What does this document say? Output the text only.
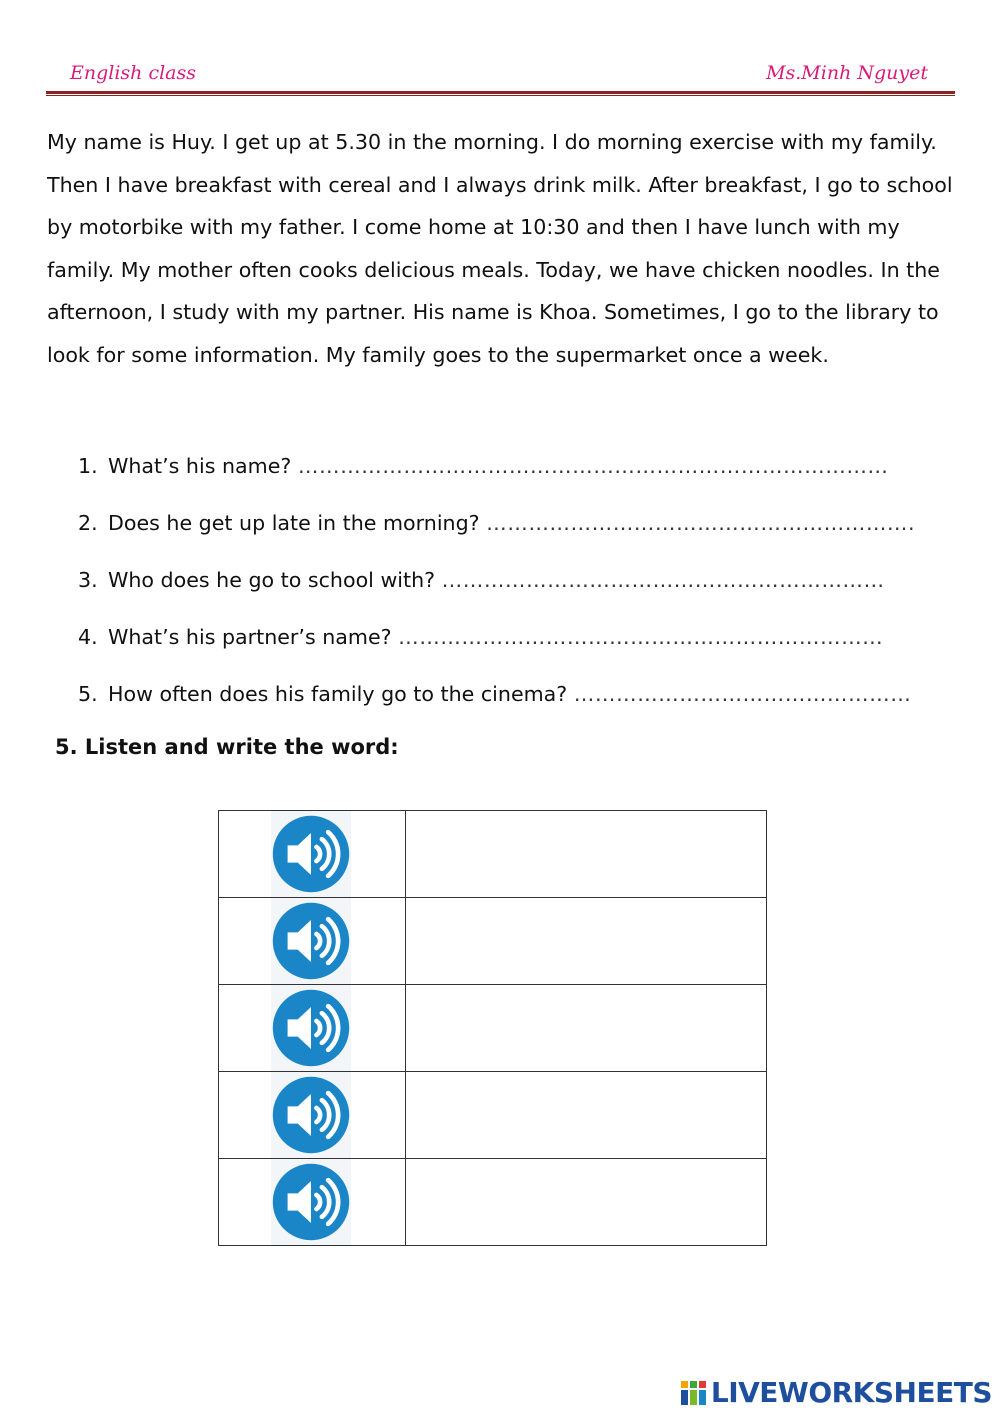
English class	Ms.Minh Nguyet

My name is Huy. I get up at 5.30 in the morning. I do morning exercise with my family. Then I have breakfast with cereal and I always drink milk. After breakfast, I go to school by motorbike with my father. I come home at 10:30 and then I have lunch with my family. My mother often cooks delicious meals. Today, we have chicken noodles. In the afternoon, I study with my partner. His name is Khoa. Sometimes, I go to the library to look for some information. My family goes to the supermarket once a week.

1. What’s his name? …………………………………………………………………………
2. Does he get up late in the morning? …………………………………………………….
3. Who does he go to school with? ………………………………………………………
4. What’s his partner’s name? ……………………………………………………………
5. How often does his family go to the cinema? …………………………………………
5. Listen and write the word:

LIVEWORKSHEETS
